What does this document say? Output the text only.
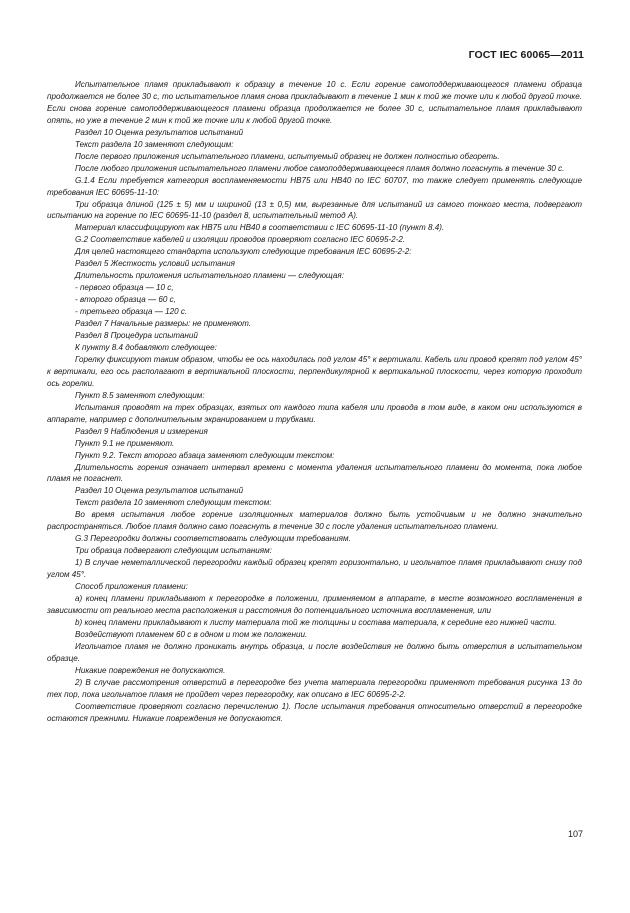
ГОСТ IEC 60065—2011

Испытательное пламя прикладывают к образцу в течение 10 с. Если горение самоподдерживающегося пламени образца продолжается не более 30 с, то испытательное пламя снова прикладывают в течение 1 мин к той же точке или к любой другой точке. Если снова горение самоподдерживающегося пламени образца продолжается не более 30 с, испытательное пламя прикладывают опять, но уже в течение 2 мин к той же точке или к любой другой точке.

Раздел 10 Оценка результатов испытаний

Текст раздела 10 заменяют следующим:

После первого приложения испытательного пламени, испытуемый образец не должен полностью обгореть.

После любого приложения испытательного пламени любое самоподдерживающееся пламя должно погаснуть в течение 30 с.

G.1.4 Если требуется категория воспламеняемости HB75 или HB40 по IEC 60707, то также следует применять следующие требования IEC 60695-11-10:

Три образца длиной (125 ± 5) мм и шириной (13 ± 0,5) мм, вырезанные для испытаний из самого тонкого места, подвергают испытанию на горение по IEC 60695-11-10 (раздел 8, испытательный метод А).

Материал классифицируют как HB75 или HB40 в соответствии с IEC 60695-11-10 (пункт 8.4).

G.2 Соответствие кабелей и изоляции проводов проверяют согласно IEC 60695-2-2.

Для целей настоящего стандарта используют следующие требования IEC 60695-2-2:

Раздел 5 Жесткость условий испытания

Длительность приложения испытательного пламени — следующая:

- первого образца — 10 с,

- второго образца — 60 с,

- третьего образца — 120 с.

Раздел 7 Начальные размеры: не применяют.

Раздел 8 Процедура испытаний

К пункту 8.4 добавляют следующее:

Горелку фиксируют таким образом, чтобы ее ось находилась под углом 45° к вертикали. Кабель или провод крепят под углом 45° к вертикали, его ось располагают в вертикальной плоскости, перпендикулярной к вертикальной плоскости, через которую проходит ось горелки.

Пункт 8.5 заменяют следующим:

Испытания проводят на трех образцах, взятых от каждого типа кабеля или провода в том виде, в каком они используются в аппарате, например с дополнительным экранированием и трубками.

Раздел 9 Наблюдения и измерения

Пункт 9.1 не применяют.

Пункт 9.2. Текст второго абзаца заменяют следующим текстом:

Длительность горения означает интервал времени с момента удаления испытательного пламени до момента, пока любое пламя не погаснет.

Раздел 10 Оценка результатов испытаний

Текст раздела 10 заменяют следующим текстом:

Во время испытания любое горение изоляционных материалов должно быть устойчивым и не должно значительно распространяться. Любое пламя должно само погаснуть в течение 30 с после удаления испытательного пламени.

G.3 Перегородки должны соответствовать следующим требованиям.

Три образца подвергают следующим испытаниям:

1) В случае неметаллической перегородки каждый образец крепят горизонтально, и игольчатое пламя прикладывают снизу под углом 45°.

Способ приложения пламени:

а) конец пламени прикладывают к перегородке в положении, применяемом в аппарате, в месте возможного воспламенения в зависимости от реального места расположения и расстояния до потенциального источника воспламенения, или

b) конец пламени прикладывают к листу материала той же толщины и состава материала, к середине его нижней части.

Воздействуют пламенем 60 с в одном и том же положении.

Игольчатое пламя не должно проникать внутрь образца, и после воздействия не должно быть отверстия в испытательном образце.

Никакие повреждения не допускаются.

2) В случае рассмотрения отверстий в перегородке без учета материала перегородки применяют требования рисунка 13 до тех пор, пока игольчатое пламя не пройдет через перегородку, как описано в IEC 60695-2-2.

Соответствие проверяют согласно перечислению 1). После испытания требования относительно отверстий в перегородке остаются прежними. Никакие повреждения не допускаются.

107
